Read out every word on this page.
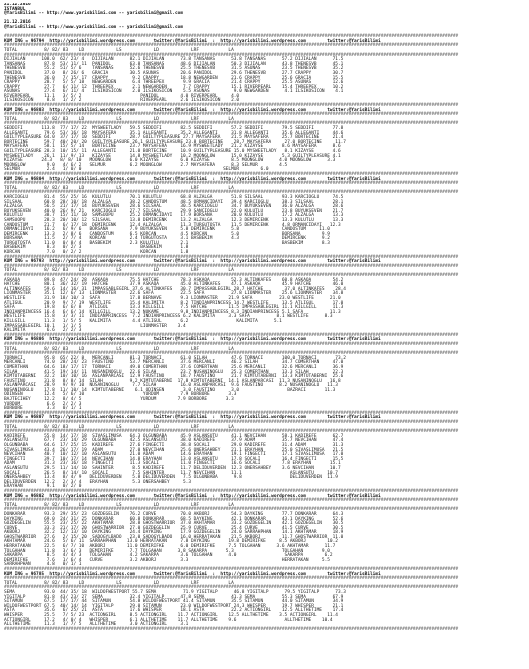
21.12.2016
ISTANBUL
@YarisBilimi -- http://www.yarisbilimi.com -- yarisbilimi@gmail.com
21.12.2016
@YarisBilimi -- http://www.yarisbilimi.com -- yarisbilimi@gmail.com
##########################################################################################################################################################################
KUM ING = 96794  http://yarisbilimi.wordpress.com       twitter:@YarisBilimi  :  http://yarisbilimi.wordpress.com        twitter:@YarisBilimi
##########################################################################################################################################################################
TOTAL          8/ 82/ 83    LD            LS            LD            LRF           LA
##########################################################################################################################################################################
DIJIALAN      108.0  62/ 23/ 4   DIJIALAN      82.1 DIJIALAN      73.8 TANSANAS      53.8 TANSANAS      57.2 DIJIALAN      71.5
TANSANAS       87.8  53/ 11/ 11  PANIDOL       63.8 TANSANAS      48.6 DIJIALAN      50.3 DIJIALAN      43.8 THENESVB      45.1
THENESVB       55.2  51/ 5/ 6    TANSANAS      52.6 THENESVB      25.5 THENESVB      31.5 ASUNAS        23.5 THENESVB      35.2
PANIDOL        37.0   8/ 26/ 6   GRACIA        30.5 ASUNAS        20.6 PANIDOL       29.6 THENESVB      27.7 CRAPPY        30.7
THENESVB       36.0   7/ 15/ 17  CRAPPY         9.2 CRAPPY        18.8 NEWGARDEN     21.6 CRAPPY        25.6 GRACIA        15.5
CRAPPY         28.7   5/ 5/ 18   NEWGARDEN      6.4 THREEPEX       9.9 GRACIA        21.4 CRAPPY        25.5 ASUNAS        12.6
CRAPPY         27.7   6/ 11/ 12  THREEPEX       2.1 NEWGARDEN      7.7 CRAPPY        15.1 RIVERPEARL    15.4 THREEPEX      10.2
ASUNAS         27.4   6/ 11/ 4   ILSIKOSICON    2.0 ILSIKOSICON    5.5 ASUNAS         9.0 NEWGARDEN      4.1 ILSIKOSICON    4.1
RIVERPEARL     11.1   3/ 5/ 2                      PANIDOL        4.0 RIVERPEARL     4.0
ILSIKOSICON     8.8   1/ 2/ 2                      RIVERPEARL     2.6 ILSIKOSICON    2.0
##########################################################################################################################################################################
KUM ING = 96803  http://yarisbilimi.wordpress.com       twitter:@YarisBilimi  :  http://yarisbilimi.wordpress.com        twitter:@YarisBilimi
##########################################################################################################################################################################
TOTAL          8/ 82/ 83    LD            LS            LD            LRF           LA
##########################################################################################################################################################################
SEDDIFI       113.8  77/ 17/ 22  MYSWEETLADY   59.5 SEDDIFI       82.5 SEDDIFI       57.2 SEDDIFI       79.5 SEDDIFI       77.8
ALLEGANTI      79.6  53/ 16/ 18  MAYSAFERA     35.1 ALLEGANTI     35.2 ALLEGANTI     31.8 ALLEGANTI     35.6 ALLEGANTI     44.6
GUILTYPLEASURE 64.0  37/ 17/ 10  SEDDIFI       28.7 GUILTYPLEASURE 27.7 MAYSAFERA    21.5 MAYSAFERA     25.7 BORTECINE     21.4
BORTECINE      59.7  40/ 20/ 20  GUILTYPLEASURE 26.1 GUILTYPLEASURE 23.8 BORTECINE    28.7 MAYSAFERA     27.0 BORTECINE     11.7
MAYSAFERA      58.1  15/ 5/ 14   BORTECINE     23.7 MAYSAFERA     16.9 MYSWEETLADY   21.2 KIZAYSE       8.6 MAYSAFERA      8.6
GUILTYPLEASURE 28.3  10/ 15/ 11  ALLEGANTI     21.0 BORTECINE     10.9 GUILTYPLEASURE 15.0 MYSWEETLADY   8.1 KIZAYSE       4.6
MYSWEETLADY    26.1  11/ 9/ 13   KIZAYSE       14.8 MYSWEETLADY   10.2 MOONGLOW      15.0 KIZAYSE       5.3 GUILTYPLEASURE 4.1
KIZAYSE       24.3   8/ 8/ 10   MOONGLOW       6.0 KIZAYSE        6.0 KIZAYSE        8.5 MOONGLOW      4.0 MOONGLOW      3.3
MOONGLOW        9.0   4/ 6/ 2   SELMUR         6.2 MOONGLOW       2.7 MAYSAFERA      8.3 SELMUR        4.5
SELMUR          2.4   1/ 0/ 0                                                     SELMUR        6.0
##########################################################################################################################################################################
KUM ING = 96804  http://yarisbilimi.wordpress.com       twitter:@YarisBilimi  :  http://yarisbilimi.wordpress.com        twitter:@YarisBilimi
##########################################################################################################################################################################
TOTAL          8/ 82/ 83    LD            LS            LD            LRF           LA
##########################################################################################################################################################################
KARCIOGLU      81.4  55/ 25/ 16  KULUTLU       70.1 KULUTLU       68.8 ALZALGA       51.8 SILSAAL       93.3 KARCIOGLU     74.5
SILSAAL        60.8  28/ 10/ 18  ALZALGA       38.2 CANDOSTUM     48.5 ORMANCIDAYI   39.4 KARCIOGLU     38.3 SILSAAL       28.1
ALZALGA        56.5  21/ 17/ 14  BUYUKSEVEN    28.6 SILSAAL       30.5 KARCIOGLU     34.7 BUYUKSEVEN    36.0 ALZALGA       28.6
BUYUKSEVEN     40.0  26/ 9/ 21   KARCIOGLU     27.7 SILSAAL       29.9 SANCIOGLU     22.0 KULUTLU       23.8 BUYUKSEVEN    21.7
KULUTLU        38.7  15/ 11/ 10  SAMSUOPU      25.2 ORMANCIDAYI   17.9 BORSANA       20.0 KULUTLU       17.2 ALZALGA       13.3
SAMSUOPU       28.3  20/ 10/ 12  SILSAAL       13.8 DEMIRCENK     13.2 ALZALGA       12.3 DEMIRCENK     13.3 KULUTLU       13.3
CANDOSTUM      21.7   6/ 17/ 18  DEMIRCENK     12.4 ALZALGA       11.3 TURGUTOSTA    11.5 DEMIRCENK     4.8 ORMANCIDAYI   12.3
ORMANCIDAYI    16.2   6/ 9/ 6   BORSANA        7.9 BUYUKSEVEN     5.8 DEMIRCENK      5.8                CANDOSTUM     11.0
DEMIRCENK      13.3   2/ 8/ 6   CANDOSTUM      6.5 KORCAN         4.5 KORCAN         5.0                BORSANA        9.9
BORSANA        11.5   2/ 7/ 4   KORCAN         2.4 TURGUTOSTA     3.1 BASBEKIM       4.3                DEMIRCENK      9.2
TURGUTOSTA     11.0   0/ 8/ 4   BASBEKIM       2.3 KULUTLU        2.1                                   BASBEKIM       8.3
BASBEKIM        8.3   0/ 2/ 3                      BASBEKIM       1.8
KORCAN          7.0   0/ 2/ 2                      KORCAN         1.8
##########################################################################################################################################################################
KUM ING = 96793  http://yarisbilimi.wordpress.com       twitter:@YarisBilimi  :  http://yarisbilimi.wordpress.com        twitter:@YarisBilimi
##########################################################################################################################################################################
TOTAL          8/ 82/ 83    LD            LS            LD            LRF           LA
##########################################################################################################################################################################
ASKAQA         89.8  47/ 24/ 28  ASKAQA        75.5 HATCHE        78.3 ASKAQA        52.3 ALTINKAFES    60.8 ASKAQA        54.2
HATCHE         80.1  36/ 32/ 19  HATCHE        37.9 ASKAQA        45.0 ALTINKAFES    47.1 ASKAQA        45.9 HATCHE        46.0
ALTINKAFES     59.6  14/ 16/ 31  IMPASSABLEGIRL 37.6 ALTINKAFES   30.7 IMPASSABLEGIRL 28.7 HATCHE        37.0 ALTINKAFES    28.4
LIONMASTER     35.1  12/ 6/ 13  LIONMASTER     22.6 SAFA          22.5 SAFA          27.8 LIONMASTER    25.6 LIONMASTER    34.8
WESTLIFE       31.9  18/ 10/ 3  SAFA           17.8 BERNAVE       9.3 LIONMASTER    21.9 SAFA          23.0 WESTLIFE      21.0
ATLIGUL        20.9   9/ 7/ 19  WESTLIFE       15.4 KALIMITA      8.2 TINDIANPRINCESS 14.7 WESTLIFE     13.5 ATLIGUL       17.0
SAFA           19.8   6/ 6/ 8   ATLIGUL        13.3 KILLGILL      7.5 HATCHE        11.5 IMPASSABLEGIRL 11.1 KILLGILL      11.3
INDIANPRINCESS 16.4   6/ 6/ 14  KILLGILL       13.2 NUKAME        9.8 INDIANPRINCESS 8.3 INDIANPRINCESS 5.1 SAFA          11.3
WESTLIFE       15.8   3/ 3/ 11  INDIANPRINCESS  7.2 INDIANPRINCESS 6.2 KALIMITA     3.3 SAFA          8.1 WESTLIFE      8.3
KILLGILL       11.3   1/ 5/ 5   KALIMITA        4.4 ATLIGUL       6.2                  KALIMITA      5.1
IMPASSABLEGIRL 10.1   1/ 1/ 5                      LIONMASTER    3.4
KALIMITA        6.6   2/ 2/ 3
##########################################################################################################################################################################
KUM ING = 96806  http://yarisbilimi.wordpress.com       twitter:@YarisBilimi  :  http://yarisbilimi.wordpress.com        twitter:@YarisBilimi
##########################################################################################################################################################################
TOTAL          8/ 82/ 83    LD            LS            LD            LRF           LA
##########################################################################################################################################################################
TORNACI        95.8  65/ 22/ 8   MERCANLI      81.3 TORNACI       61.0 SILAH         47.6 TORNACI       100.0 TORNACI       73.2
MERCANLI       74.0  28/ 24/ 23  FAUSTINO      53.7 MERCANLI      37.6 MERCANLI      46.2 SILAH         34.7 COMERTHAN     47.0
COMERTHAN      64.6  18/ 17/ 17  TORNACI       49.0 COMERTHAN     37.6 COMERTHAN     25.6 MERCANLI      32.6 MERCANLI      36.9
SILAH          41.5  19/ 14/ 11  NUSANINOGLU   22.6 SILAH         23.7 NUSANINOGLU   25.3 COMERTHAN     13.3 SILAH         22.3
KIMTUTABERNI   32.2  10/ 10/ 16  ASLANPARCASI  12.9 FAUSTINO      18.7 FAUSTINO      21.7 KIMTUTABERNI  13.3 KIMTUTABERNI  25.6
FAUSTINO       31.8   8/ 8/ 14  SILAH          9.2 KIMTUTABERNI  17.8 KIMTUTABERNI  14.1 ASLANPARCASI  11.3 NUSANINOGLU   16.8
ASLANPARCASI   28.9   9/ 9/ 10  NUSANINOGLU     7.7 SILAH         16.0 ASLANPARCASI  9.6 FAUSTINO      8.2 NUSANINOGLU   11.3
NUSANINOGLU    17.8  11/ 10/ 14  KIMTUTABERNI    6.1 ODINSEN       3.0 FAUSTINO      3.0                  BAZRACI       11.3
ODINSEN        12.4   5/ 6/ 10                      YURDUM        7.9 BORBORE       3.3
BAJTECIHEY     12.2   8/ 4/ 5                      YURDUM        7.9 BORBORE       3.3
YURDUM          6.6   2/ 2/ 3
BORBORE         3.3   0/ 1/ 1
##########################################################################################################################################################################
KUM ING = 96807  http://yarisbilimi.wordpress.com       twitter:@YarisBilimi  :  http://yarisbilimi.wordpress.com        twitter:@YarisBilimi
##########################################################################################################################################################################
TOTAL          8/ 82/ 83    LD            LS            LD            LRF           LA
##########################################################################################################################################################################
KADIREFE       55.8  14/ 17/ 18  SIVASLIMUSA   64.3 OLGUNBABA     45.9 ASLANSUTU     41.1 NEVCIHAN      58.1 KADIREFE      62.7
ASLANSUTU      67.7  23/ 14/ 29  OLGUNBABA     42.5 ASLANSUTU     38.0 KADIREFE      37.9 ADAM          35.7 NEVCIHAN      47.4
OLGUNBABA      64.6  17/ 25/ 15  KADIREFE      27.6 FINGECTI      38.8 SOCALI        29.0 KADIREFE      31.4 ADAM          31.3
SIVASLIMUSA    43.4  26/ 17/ 19  ADAM          27.0 NEVCIHAN      25.6 ONERSAHBEY    21.1 ERAYHAN       25.0 SIVASLIMUSA   21.5
NEVCIHAN       40.7  10/ 12/ 10  ASLANSUTU     21.0 ADAM          14.6 ERAYHAN       19.1 FINGECTI      17.1 SIVASLIMUSA   17.0
FINGECTI       39.7  10/ 17/ 14  NEVCIHAN      14.8 ERAYHAN       13.0 ASLANSUTU     17.8 SOCALI        16.4 FINGECTI      15.5
ADAM           31.3  23/ 16/ 18  FINGECTI      11.3 SOCALI        11.0 FINGECTI      16.6 SOCALI        7.8 ERAYHAN       15.1
ASLANSUTU      29.5  11/ 14/ 10  SAHINTER       8.5 KADIREFE      11.7 DELIDUVERDEN  12.3 ONERSAHBEY    3.6 NEVCIHAN      10.7
SOCALI         26.5   8/ 14/ 10  SOCALI         7.5 SAHINTER      11.7 NEVCIHAN      11.1                  ASLANSUTU     10.7
ONERSAHBEY     13.4   8/ 4/ 9   DELIDUVERDEN    5.8 DELIDUVERDEN   7.5 OLGUNBABA      9.8                  DELIDUVERDEN  11.9
DELIDUVERDEN   12.2   2/ 3/ 4   ERAYHAN         5.3 ONERSAHBEY     5.3
ERAYHAN         9.1   0/ 2/ 0
##########################################################################################################################################################################
KUM ING = 96802  http://yarisbilimi.wordpress.com       twitter:@YarisBilimi  :  http://yarisbilimi.wordpress.com        twitter:@YarisBilimi
##########################################################################################################################################################################
TOTAL          8/ 82/ 83    LD            LS            LD            LRF           LA
##########################################################################################################################################################################
DONKARAR       93.3  29/ 35/ 23  GOZDEGELIN    76.2 CURVE         70.0 AKBORJ        54.3 DAYKING       77.7 DONKARAR      64.3
DAYKING        69.0  24/ 31/ 25  DONKARAR      60.8 DONKARAR      68.5 DAYKING       42.1 DONKARAR      43.1 DAYKING       52.6
GOZDEGELIN     55.5  23/ 25/ 22  AKHTAMAR      28.8 GHOSTWARRIOR  37.0 AKHTAMAR      33.2 GOZDEGELIN    42.1 GOZDEGELIN    30.5
CURVE          33.3  21/ 17/ 20  GHOSTWARRIOR  27.0 GOZDEGELIN    25.9 CURVE         25.4 CURVE         41.5 CURVE         30.5
AKBORJ         32.2  12/ 13/ 10  DAYKING       24.4 DAYKING       17.9 GOZDEGELIN    24.0 SARRAHPHAN    14.1 AKHTAMAR      18.9
GHOSTWARRIOR   27.6   2/ 15/ 20  SADOGYLBADO   23.0 SADOGYLBADO   16.0 HERRATAKAN    21.5 AKBORJ        11.7 GHOSTWARRIOR  11.0
AKHTAMAR       24.6   5/ 6/ 11  SARRAHPHAN    13.0 HERRATAKAN     7.8 DAYKING       19.8 DEMIRIFKE     8.5 AKBORJ        10.2
HERRATAKAN     22.5   6/ 7/ 10  AKBORJ        11.0 DEMIRIFKE      6.0 DEMIRIFKE     7.5 TOLGAHAN      3.6 AKHTAMAR      11.7
TOLGAHAN       11.8   3/ 6/ 3   DEMIRIFKE      7.7 TOLGAHAN      3.8 SAKARPA       5.3                  TOLGAHAN       9.0
SAKARPA         8.5   4/ 4/ 3   TOLGAHAN       4.2 SAKARPA        3.6 TOLGAHAN      4.0                  SAKARPA        6.2
DEMIRIFKE       7.6   1/ 6/ 4   CURVE          3.2 AKBORJ         3.3                                   HERRATAKAN     5.5
SARRAHPHAN      4.8   0/ 1/ 1
##########################################################################################################################################################################
KUM ING = 96785  http://yarisbilimi.wordpress.com       twitter:@YarisBilimi  :  http://yarisbilimi.wordpress.com        twitter:@YarisBilimi
##########################################################################################################################################################################
TOTAL          8/ 82/ 83    LD            LS            LD            LRF           LA
##########################################################################################################################################################################
SEMA           93.0  44/ 35/ 18  WILDOFWESTPORT 55.7 SEMA          71.9 YIGITALP      46.8 YIGITALP      79.5 YIGITALP      73.3
YIGITALP       81.8  43/ 23/ 27  SEMA          32.4 YIGITALP      47.8 SEMA          41.3 SEMA          55.3 SEMA          67.9
SITAMUN        67.5  17/ 17/ 44  SITAMUN       54.8 WILDOFWESTPORT 41.4 SITAMUN      35.5 SITAMUN       44.0 SITAMUN       34.9
WILDOFWESTPORT 67.5  40/ 14/ 14  YIGITALP      29.0 SITAMUN       23.0 WILDOFWESTPORT 24.3 WHISPER      19.7 WHISPER       21.1
ASTA           35.6   6/ 25/ 21  ASTA          17.6 WHISPER       18.1 ASTA          22.2 ACTIONGIRL    12.5 ALLTHETIME    17.4
WHISPER        25.5   7/ 5/ 23  ACTIONGIRL     8.5 ACTIONGIRL    11.7 ACTIONGIRL    12.5 ALLTHETIME    3.5 ACTIONGIRL    11.4
ACTIONGIRL     17.2   4/ 0/ 4   WHISPER        6.1 ALLTHETIME    11.7 ALLTHETIME    9.6                  ALLTHETIME    10.4
ALLTHETIME     11.3   1/ 7/ 5   ALLTHETIME     3.0 ACTIONGIRL     3.1
##########################################################################################################################################################################
